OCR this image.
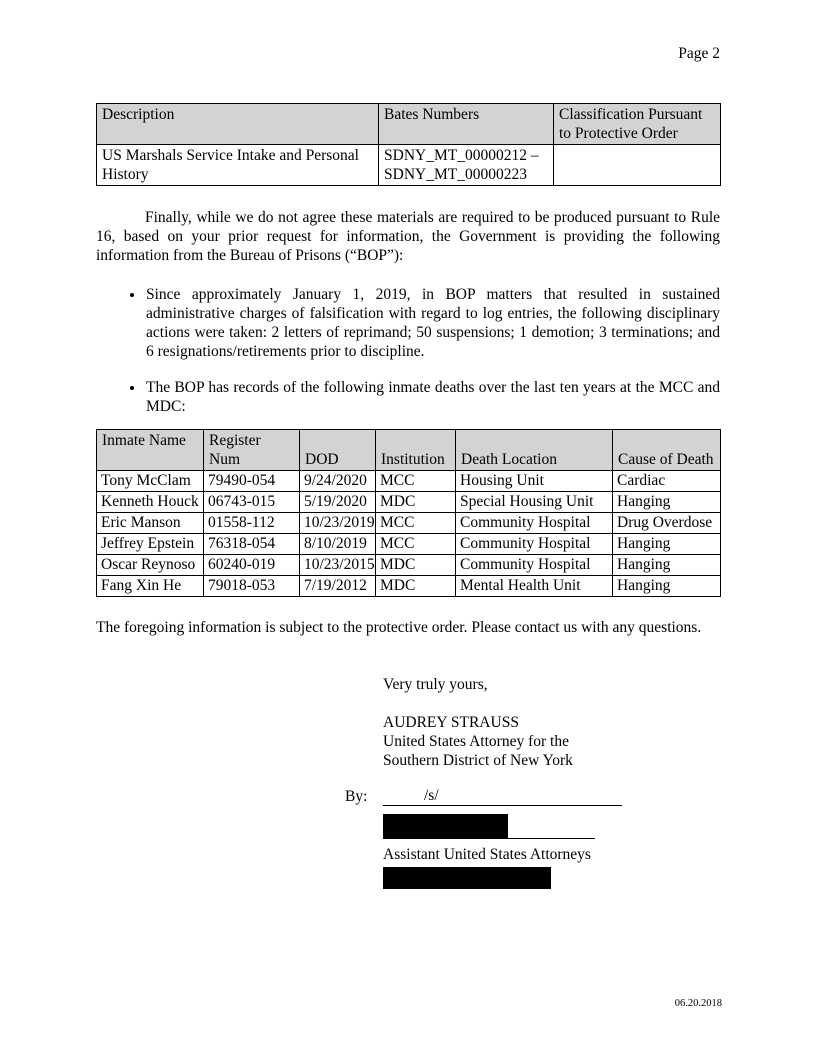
Page 2
Description	Bates Numbers	Classification Pursuant to Protective Order
US Marshals Service Intake and Personal History	SDNY_MT_00000212 – SDNY_MT_00000223	

Finally, while we do not agree these materials are required to be produced pursuant to Rule 16, based on your prior request for information, the Government is providing the following information from the Bureau of Prisons (“BOP”):

• Since approximately January 1, 2019, in BOP matters that resulted in sustained administrative charges of falsification with regard to log entries, the following disciplinary actions were taken: 2 letters of reprimand; 50 suspensions; 1 demotion; 3 terminations; and 6 resignations/retirements prior to discipline.
• The BOP has records of the following inmate deaths over the last ten years at the MCC and MDC:
Inmate Name	Register Num	DOD	Institution	Death Location	Cause of Death
Tony McClam	79490-054	9/24/2020	MCC	Housing Unit	Cardiac
Kenneth Houck	06743-015	5/19/2020	MDC	Special Housing Unit	Hanging
Eric Manson	01558-112	10/23/2019	MCC	Community Hospital	Drug Overdose
Jeffrey Epstein	76318-054	8/10/2019	MCC	Community Hospital	Hanging
Oscar Reynoso	60240-019	10/23/2015	MDC	Community Hospital	Hanging
Fang Xin He	79018-053	7/19/2012	MDC	Mental Health Unit	Hanging

The foregoing information is subject to the protective order. Please contact us with any questions.

Very truly yours,
AUDREY STRAUSS
United States Attorney for the
Southern District of New York
By:	/s/
Assistant United States Attorneys
06.20.2018
